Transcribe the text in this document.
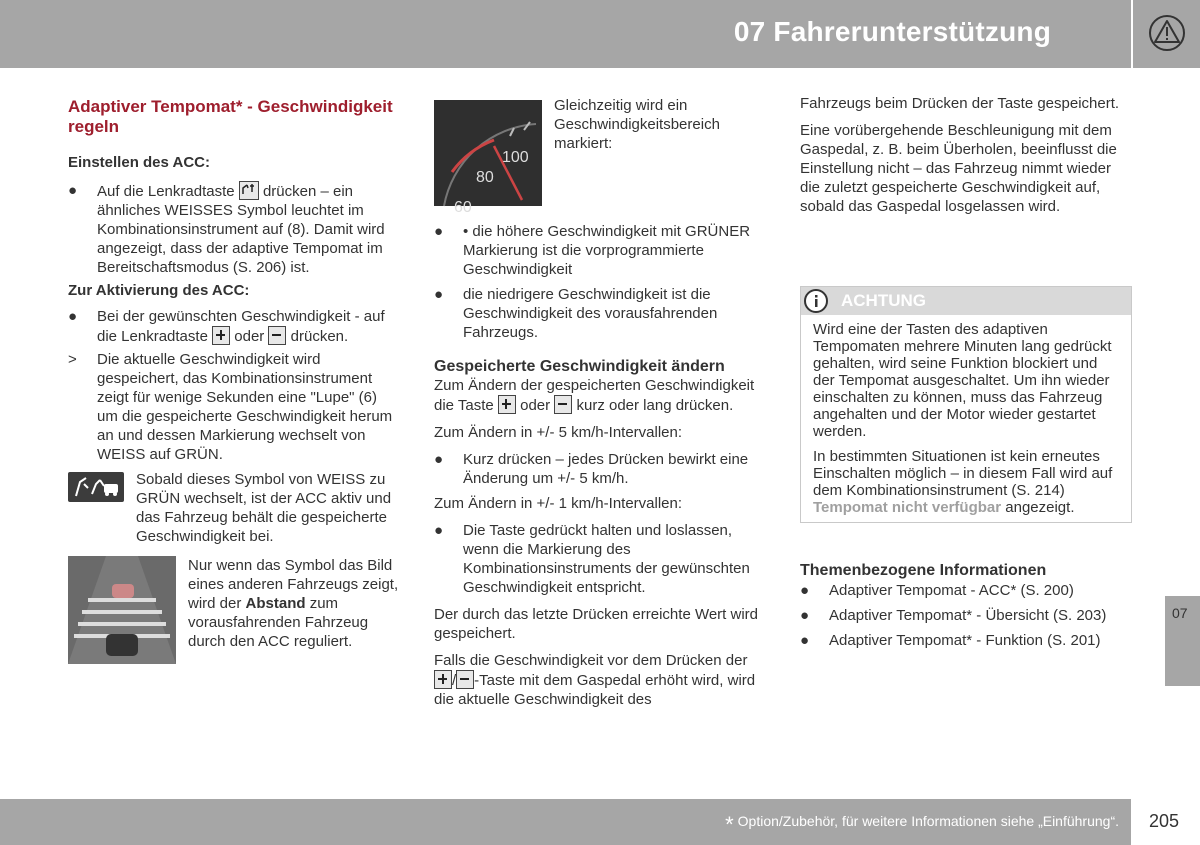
07 Fahrerunterstützung
Adaptiver Tempomat* - Geschwindigkeit regeln
Einstellen des ACC:
● Auf die Lenkradtaste drücken – ein ähnliches WEISSES Symbol leuchtet im Kombinationsinstrument auf (8). Damit wird angezeigt, dass der adaptive Tempomat im Bereitschaftsmodus (S. 206) ist.
Zur Aktivierung des ACC:
● Bei der gewünschten Geschwindigkeit - auf die Lenkradtaste oder drücken.
> Die aktuelle Geschwindigkeit wird gespeichert, das Kombinationsinstrument zeigt für wenige Sekunden eine "Lupe" (6) um die gespeicherte Geschwindigkeit herum an und dessen Markierung wechselt von WEISS auf GRÜN.
Sobald dieses Symbol von WEISS zu GRÜN wechselt, ist der ACC aktiv und das Fahrzeug behält die gespeicherte Geschwindigkeit bei.
Nur wenn das Symbol das Bild eines anderen Fahrzeugs zeigt, wird der Abstand zum vorausfahrenden Fahrzeug durch den ACC reguliert.
100
80
60
Gleichzeitig wird ein Geschwindigkeitsbereich markiert:
● • die höhere Geschwindigkeit mit GRÜNER Markierung ist die vorprogrammierte Geschwindigkeit
● die niedrigere Geschwindigkeit ist die Geschwindigkeit des vorausfahrenden Fahrzeugs.
Gespeicherte Geschwindigkeit ändern

Zum Ändern der gespeicherten Geschwindigkeit die Taste oder kurz oder lang drücken.

Zum Ändern in +/- 5 km/h-Intervallen:

● Kurz drücken – jedes Drücken bewirkt eine Änderung um +/- 5 km/h.

Zum Ändern in +/- 1 km/h-Intervallen:

● Die Taste gedrückt halten und loslassen, wenn die Markierung des Kombinationsinstruments der gewünschten Geschwindigkeit entspricht.

Der durch das letzte Drücken erreichte Wert wird gespeichert.

Falls die Geschwindigkeit vor dem Drücken der / -Taste mit dem Gaspedal erhöht wird, wird die aktuelle Geschwindigkeit des

Fahrzeugs beim Drücken der Taste gespeichert.

Eine vorübergehende Beschleunigung mit dem Gaspedal, z. B. beim Überholen, beeinflusst die Einstellung nicht – das Fahrzeug nimmt wieder die zuletzt gespeicherte Geschwindigkeit auf, sobald das Gaspedal losgelassen wird.

ACHTUNG

Wird eine der Tasten des adaptiven Tempomaten mehrere Minuten lang gedrückt gehalten, wird seine Funktion blockiert und der Tempomat ausgeschaltet. Um ihn wieder einschalten zu können, muss das Fahrzeug angehalten und der Motor wieder gestartet werden.

In bestimmten Situationen ist kein erneutes Einschalten möglich – in diesem Fall wird auf dem Kombinationsinstrument (S. 214) Tempomat nicht verfügbar angezeigt.

Themenbezogene Informationen
● Adaptiver Tempomat - ACC* (S. 200)
● Adaptiver Tempomat* - Übersicht (S. 203)
● Adaptiver Tempomat* - Funktion (S. 201)
07
* Option/Zubehör, für weitere Informationen siehe „Einführung“. 205
